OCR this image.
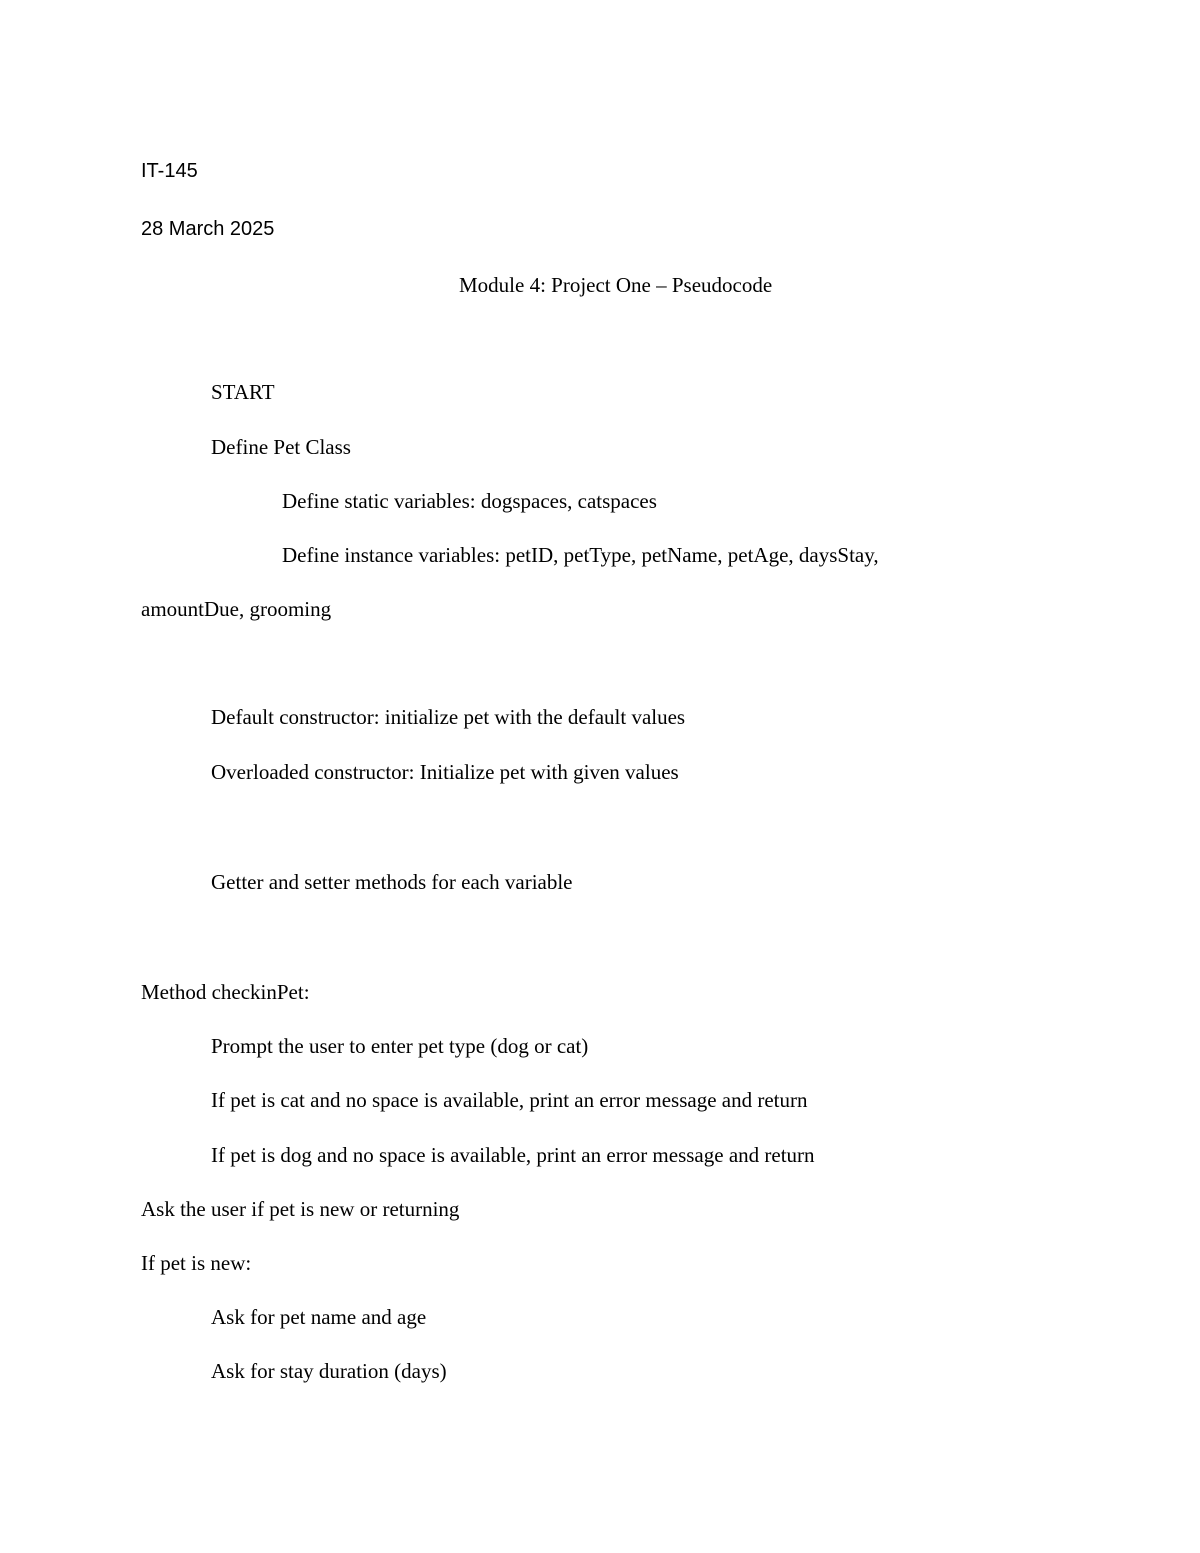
IT-145
28 March 2025
Module 4: Project One – Pseudocode
START
Define Pet Class
Define static variables: dogspaces, catspaces
Define instance variables: petID, petType, petName, petAge, daysStay,
amountDue, grooming
Default constructor: initialize pet with the default values
Overloaded constructor: Initialize pet with given values
Getter and setter methods for each variable
Method checkinPet:
Prompt the user to enter pet type (dog or cat)
If pet is cat and no space is available, print an error message and return
If pet is dog and no space is available, print an error message and return
Ask the user if pet is new or returning
If pet is new:
Ask for pet name and age
Ask for stay duration (days)
